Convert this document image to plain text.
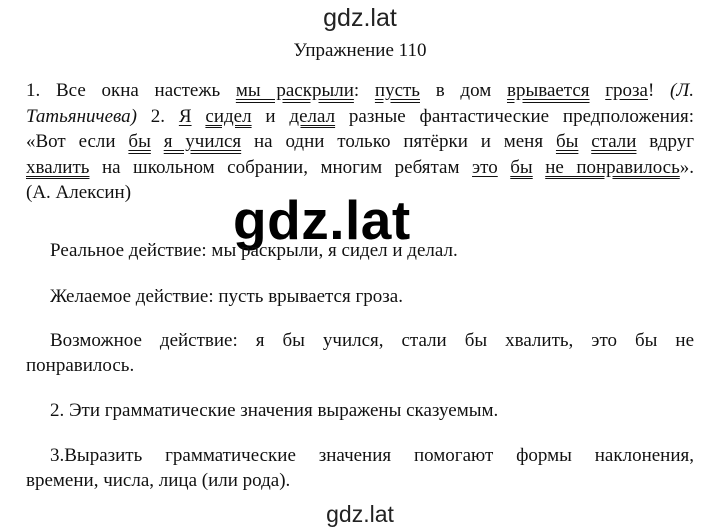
gdz.lat
Упражнение 110
1. Все окна настежь мы раскрыли: пусть в дом врывается гроза! (Л.
Татьяничева) 2. Я сидел и делал разные фантастические предположения:
«Вот если бы я учился на одни только пятёрки и меня бы стали вдруг
хвалить на школьном собрании, многим ребятам это бы не понравилось».
(А. Алексин)	gdz.lat
Реальное действие: мы раскрыли, я сидел и делал.
Желаемое действие: пусть врывается гроза.
Возможное действие: я бы учился, стали бы хвалить, это бы не
понравилось.
2. Эти грамматические значения выражены сказуемым.
3.Выразить грамматические значения помогают формы наклонения,
времени, числа, лица (или рода).
gdz.lat
